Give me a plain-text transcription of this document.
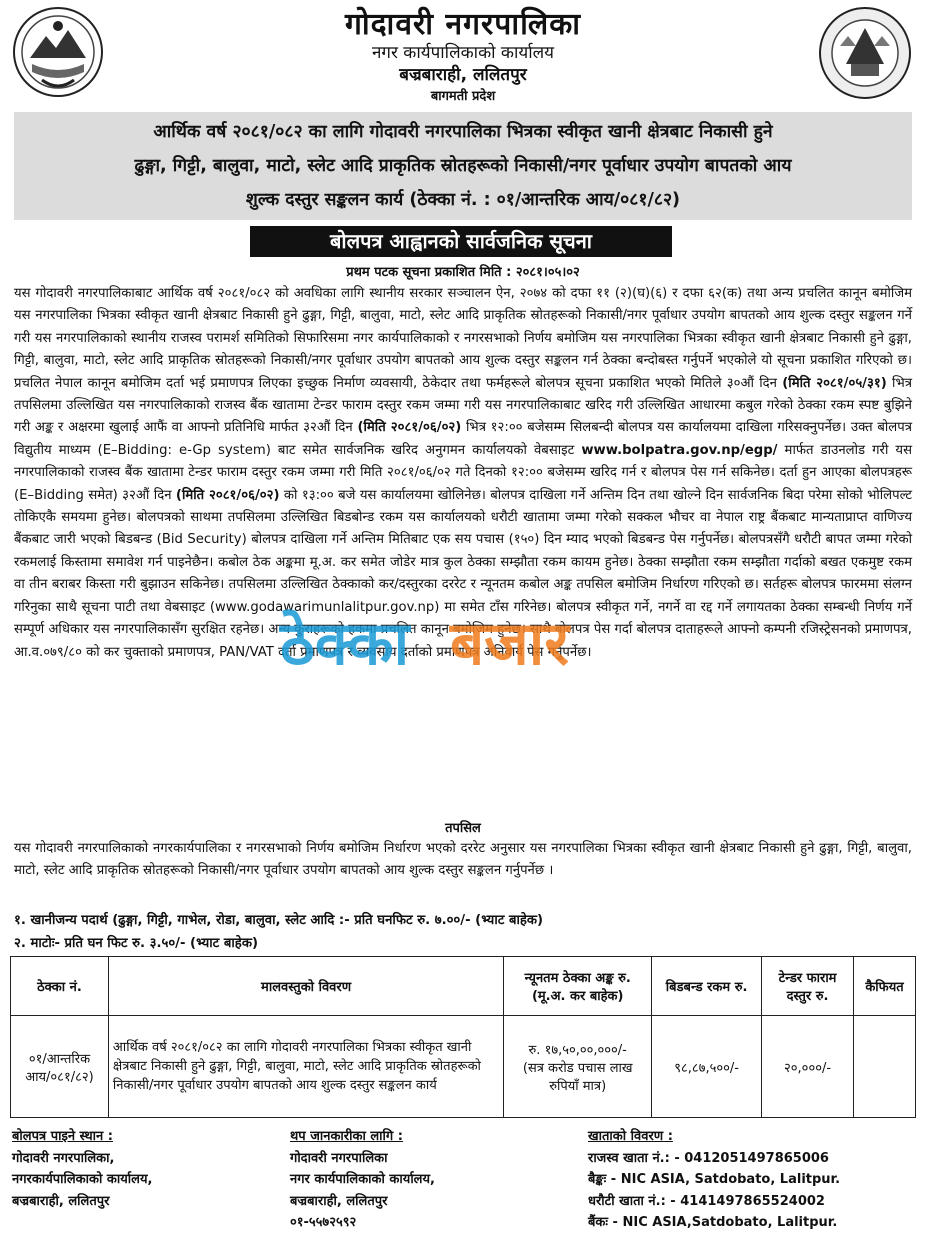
गोदावरी नगरपालिका
नगर कार्यपालिकाको कार्यालय
बज्रबाराही, ललितपुर
बागमती प्रदेश
आर्थिक वर्ष २०८१/०८२ का लागि गोदावरी नगरपालिका भित्रका स्वीकृत खानी क्षेत्रबाट निकासी हुने
ढुङ्गा, गिट्टी, बालुवा, माटो, स्लेट आदि प्राकृतिक स्रोतहरूको निकासी/नगर पूर्वाधार उपयोग बापतको आय
शुल्क दस्तुर सङ्कलन कार्य (ठेक्का नं. : ०१/आन्तरिक आय/०८१/८२)
बोलपत्र आह्वानको सार्वजनिक सूचना
प्रथम पटक सूचना प्रकाशित मिति : २०८१।०५।०२
यस गोदावरी नगरपालिकाबाट आर्थिक वर्ष २०८१/०८२ को अवधिका लागि स्थानीय सरकार सञ्चालन ऐन, २०७४ को दफा ११ (२)(घ)(६) र दफा ६२(क) तथा अन्य प्रचलित कानून बमोजिम यस नगरपालिका भित्रका स्वीकृत खानी क्षेत्रबाट निकासी हुने ढुङ्गा, गिट्टी, बालुवा, माटो, स्लेट आदि प्राकृतिक स्रोतहरूको निकासी/नगर पूर्वाधार उपयोग बापतको आय शुल्क दस्तुर सङ्कलन गर्ने गरी यस नगरपालिकाको स्थानीय राजस्व परामर्श समितिको सिफारिसमा नगर कार्यपालिकाको र नगरसभाको निर्णय बमोजिम यस नगरपालिका भित्रका स्वीकृत खानी क्षेत्रबाट निकासी हुने ढुङ्गा, गिट्टी, बालुवा, माटो, स्लेट आदि प्राकृतिक स्रोतहरूको निकासी/नगर पूर्वाधार उपयोग बापतको आय शुल्क दस्तुर सङ्कलन गर्न ठेक्का बन्दोबस्त गर्नुपर्ने भएकोले यो सूचना प्रकाशित गरिएको छ। प्रचलित नेपाल कानून बमोजिम दर्ता भई प्रमाणपत्र लिएका इच्छुक निर्माण व्यवसायी, ठेकेदार तथा फर्महरूले बोलपत्र सूचना प्रकाशित भएको मितिले ३०औं दिन (मिति २०८१/०५/३१) भित्र तपसिलमा उल्लिखित यस नगरपालिकाको राजस्व बैंक खातामा टेन्डर फाराम दस्तुर रकम जम्मा गरी यस नगरपालिकाबाट खरिद गरी उल्लिखित आधारमा कबुल गरेको ठेक्का रकम स्पष्ट बुझिने गरी अङ्क र अक्षरमा खुलाई आफैं वा आफ्नो प्रतिनिधि मार्फत ३२औं दिन (मिति २०८१/०६/०२) भित्र १२:०० बजेसम्म सिलबन्दी बोलपत्र यस कार्यालयमा दाखिला गरिसक्नुपर्नेछ। उक्त बोलपत्र विद्युतीय माध्यम (E–Bidding: e-Gp system) बाट समेत सार्वजनिक खरिद अनुगमन कार्यालयको वेबसाइट www.bolpatra.gov.np/egp/ मार्फत डाउनलोड गरी यस नगरपालिकाको राजस्व बैंक खातामा टेन्डर फाराम दस्तुर रकम जम्मा गरी मिति २०८१/०६/०२ गते दिनको १२:०० बजेसम्म खरिद गर्न र बोलपत्र पेस गर्न सकिनेछ। दर्ता हुन आएका बोलपत्रहरू (E–Bidding समेत) ३२औं दिन (मिति २०८१/०६/०२) को १३:०० बजे यस कार्यालयमा खोलिनेछ। बोलपत्र दाखिला गर्ने अन्तिम दिन तथा खोल्ने दिन सार्वजनिक बिदा परेमा सोको भोलिपल्ट तोकिएकै समयमा हुनेछ। बोलपत्रको साथमा तपसिलमा उल्लिखित बिडबोन्ड रकम यस कार्यालयको धरौटी खातामा जम्मा गरेको सक्कल भौचर वा नेपाल राष्ट्र बैंकबाट मान्यताप्राप्त वाणिज्य बैंकबाट जारी भएको बिडबन्ड (Bid Security) बोलपत्र दाखिला गर्ने अन्तिम मितिबाट एक सय पचास (१५०) दिन म्याद भएको बिडबन्ड पेस गर्नुपर्नेछ। बोलपत्रसँगै धरौटी बापत जम्मा गरेको रकमलाई किस्तामा समावेश गर्न पाइनेछैन। कबोल ठेक अङ्कमा मू.अ. कर समेत जोडेर मात्र कुल ठेक्का सम्झौता रकम कायम हुनेछ। ठेक्का सम्झौता रकम सम्झौता गर्दाको बखत एकमुष्ट रकम वा तीन बराबर किस्ता गरी बुझाउन सकिनेछ। तपसिलमा उल्लिखित ठेक्काको कर/दस्तुरका दररेट र न्यूनतम कबोल अङ्क तपसिल बमोजिम निर्धारण गरिएको छ। सर्तहरू बोलपत्र फारममा संलग्न गरिनुका साथै सूचना पाटी तथा वेबसाइट (www.godawarimunlalitpur.gov.np) मा समेत टाँस गरिनेछ। बोलपत्र स्वीकृत गर्ने, नगर्ने वा रद्द गर्ने लगायतका ठेक्का सम्बन्धी निर्णय गर्ने सम्पूर्ण अधिकार यस नगरपालिकासँग सुरक्षित रहनेछ। अन्य कुराहरूको हकमा प्रचलित कानून बमोजिम हुनेछ। साथै बोलपत्र पेस गर्दा बोलपत्र दाताहरूले आफ्नो कम्पनी रजिस्ट्रेसनको प्रमाणपत्र, आ.व.०७९/८० को कर चुक्ताको प्रमाणपत्र, PAN/VAT दर्ता प्रमाणपत्र र व्यवसाय दर्ताको प्रमाणपत्र अनिवार्य पेस गर्नुपर्नेछ।
ठेक्का बजार
तपसिल
यस गोदावरी नगरपालिकाको नगरकार्यपालिका र नगरसभाको निर्णय बमोजिम निर्धारण भएको दररेट अनुसार यस नगरपालिका भित्रका स्वीकृत खानी क्षेत्रबाट निकासी हुने ढुङ्गा, गिट्टी, बालुवा, माटो, स्लेट आदि प्राकृतिक स्रोतहरूको निकासी/नगर पूर्वाधार उपयोग बापतको आय शुल्क दस्तुर सङ्कलन गर्नुपर्नेछ ।
१. खानीजन्य पदार्थ (ढुङ्गा, गिट्टी, गाभेल, रोडा, बालुवा, स्लेट आदि :- प्रति घनफिट रु. ७.००/- (भ्याट बाहेक)
२. माटोः- प्रति घन फिट रु. ३.५०/- (भ्याट बाहेक)
ठेक्का नं.	मालवस्तुको विवरण	न्यूनतम ठेक्का अङ्क रु. (मू.अ. कर बाहेक)	बिडबन्ड रकम रु.	टेन्डर फाराम दस्तुर रु.	कैफियत
०१/आन्तरिक आय/०८१/८२)	आर्थिक वर्ष २०८१/०८२ का लागि गोदावरी नगरपालिका भित्रका स्वीकृत खानी क्षेत्रबाट निकासी हुने ढुङ्गा, गिट्टी, बालुवा, माटो, स्लेट आदि प्राकृतिक स्रोतहरूको निकासी/नगर पूर्वाधार उपयोग बापतको आय शुल्क दस्तुर सङ्कलन कार्य	रु. १७,५०,००,०००/-
(सत्र करोड पचास लाख रुपियाँ मात्र)	९८,८७,५००/-	२०,०००/-	
बोलपत्र पाइने स्थान :
गोदावरी नगरपालिका,
नगरकार्यपालिकाको कार्यालय,
बज्रबाराही, ललितपुर
थप जानकारीका लागि :
गोदावरी नगरपालिका
नगर कार्यपालिकाको कार्यालय,
बज्रबाराही, ललितपुर
०१-५५७२५९२
खाताको विवरण :
राजस्व खाता नं.: - 041205149786500​6
बैङ्कः - NIC ASIA, Satdobato, Lalitpur.
धरौटी खाता नं.: - 4141497865524002
बैंकः - NIC ASIA,Satdobato, Lalitpur.
